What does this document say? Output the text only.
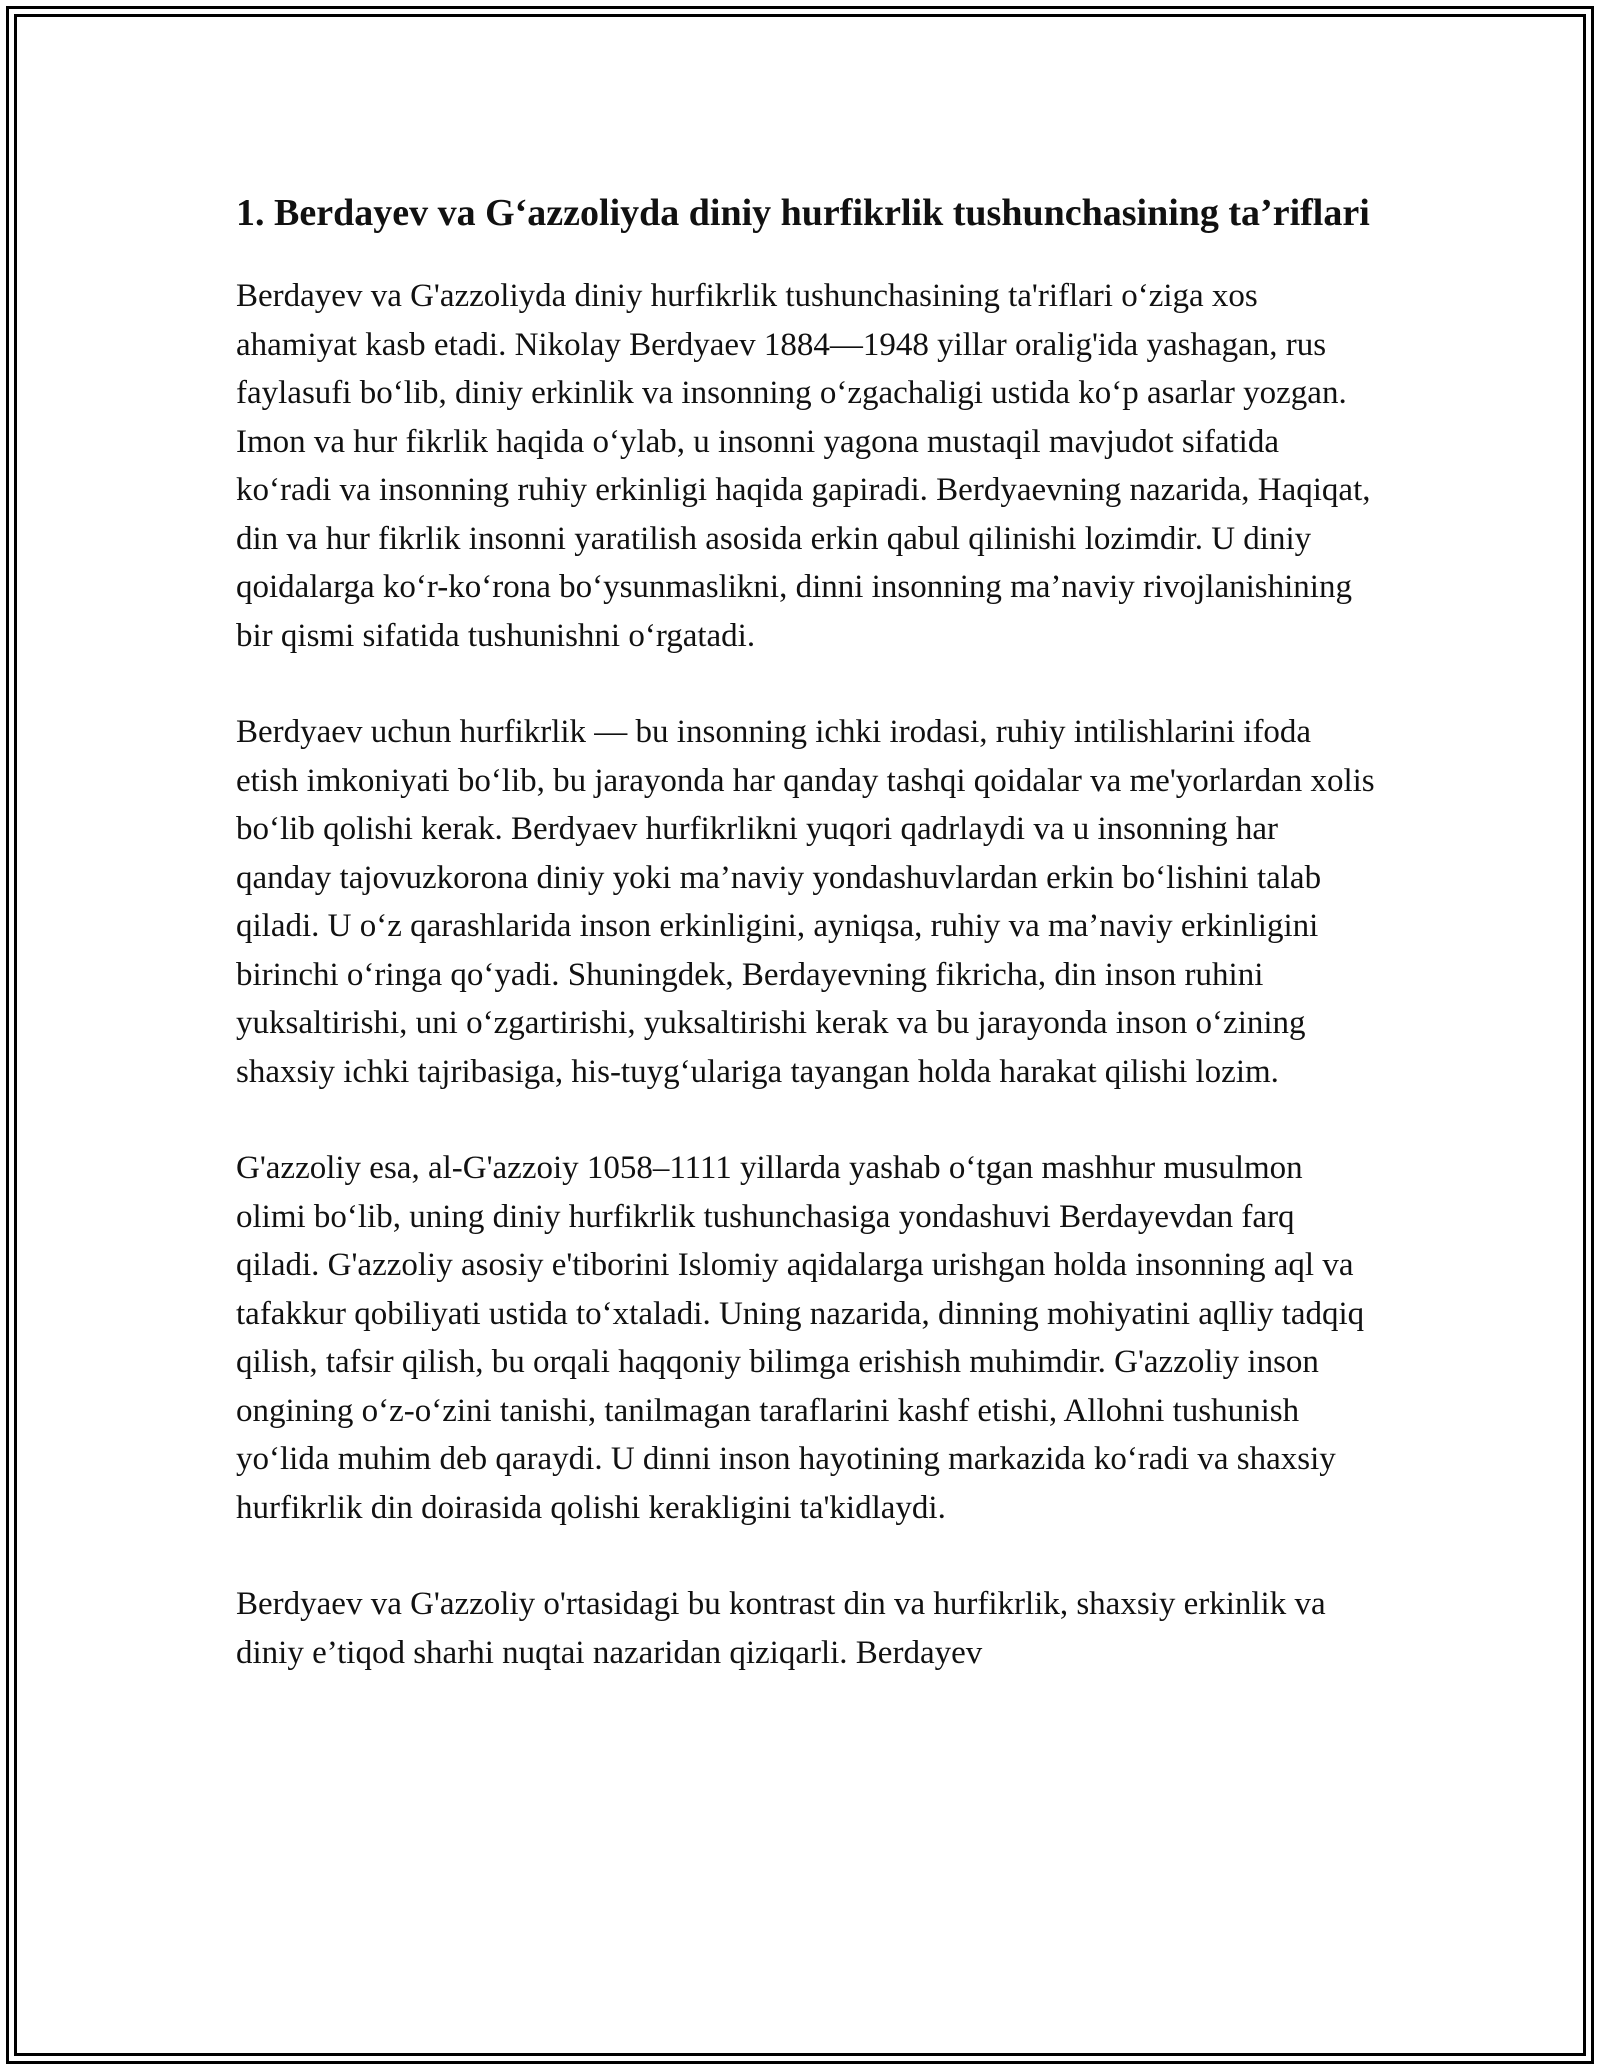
1. Berdayev va G‘azzoliyda diniy hurfikrlik tushunchasining ta’riflari

Berdayev va G'azzoliyda diniy hurfikrlik tushunchasining ta'riflari o‘ziga xos ahamiyat kasb etadi. Nikolay Berdyaev 1884—1948 yillar oralig'ida yashagan, rus faylasufi bo‘lib, diniy erkinlik va insonning o‘zgachaligi ustida ko‘p asarlar yozgan. Imon va hur fikrlik haqida o‘ylab, u insonni yagona mustaqil mavjudot sifatida ko‘radi va insonning ruhiy erkinligi haqida gapiradi. Berdyaevning nazarida, Haqiqat, din va hur fikrlik insonni yaratilish asosida erkin qabul qilinishi lozimdir. U diniy qoidalarga ko‘r-ko‘rona bo‘ysunmaslikni, dinni insonning ma’naviy rivojlanishining bir qismi sifatida tushunishni o‘rgatadi.

Berdyaev uchun hurfikrlik — bu insonning ichki irodasi, ruhiy intilishlarini ifoda etish imkoniyati bo‘lib, bu jarayonda har qanday tashqi qoidalar va me'yorlardan xolis bo‘lib qolishi kerak. Berdyaev hurfikrlikni yuqori qadrlaydi va u insonning har qanday tajovuzkorona diniy yoki ma’naviy yondashuvlardan erkin bo‘lishini talab qiladi. U o‘z qarashlarida inson erkinligini, ayniqsa, ruhiy va ma’naviy erkinligini birinchi o‘ringa qo‘yadi. Shuningdek, Berdayevning fikricha, din inson ruhini yuksaltirishi, uni o‘zgartirishi, yuksaltirishi kerak va bu jarayonda inson o‘zining shaxsiy ichki tajribasiga, his-tuyg‘ulariga tayangan holda harakat qilishi lozim.

G'azzoliy esa, al-G'azzoiy 1058–1111 yillarda yashab o‘tgan mashhur musulmon olimi bo‘lib, uning diniy hurfikrlik tushunchasiga yondashuvi Berdayevdan farq qiladi. G'azzoliy asosiy e'tiborini Islomiy aqidalarga urishgan holda insonning aql va tafakkur qobiliyati ustida to‘xtaladi. Uning nazarida, dinning mohiyatini aqlliy tadqiq qilish, tafsir qilish, bu orqali haqqoniy bilimga erishish muhimdir. G'azzoliy inson ongining o‘z-o‘zini tanishi, tanilmagan taraflarini kashf etishi, Allohni tushunish yo‘lida muhim deb qaraydi. U dinni inson hayotining markazida ko‘radi va shaxsiy hurfikrlik din doirasida qolishi kerakligini ta'kidlaydi.

Berdyaev va G'azzoliy o'rtasidagi bu kontrast din va hurfikrlik, shaxsiy erkinlik va diniy e’tiqod sharhi nuqtai nazaridan qiziqarli. Berdayev
